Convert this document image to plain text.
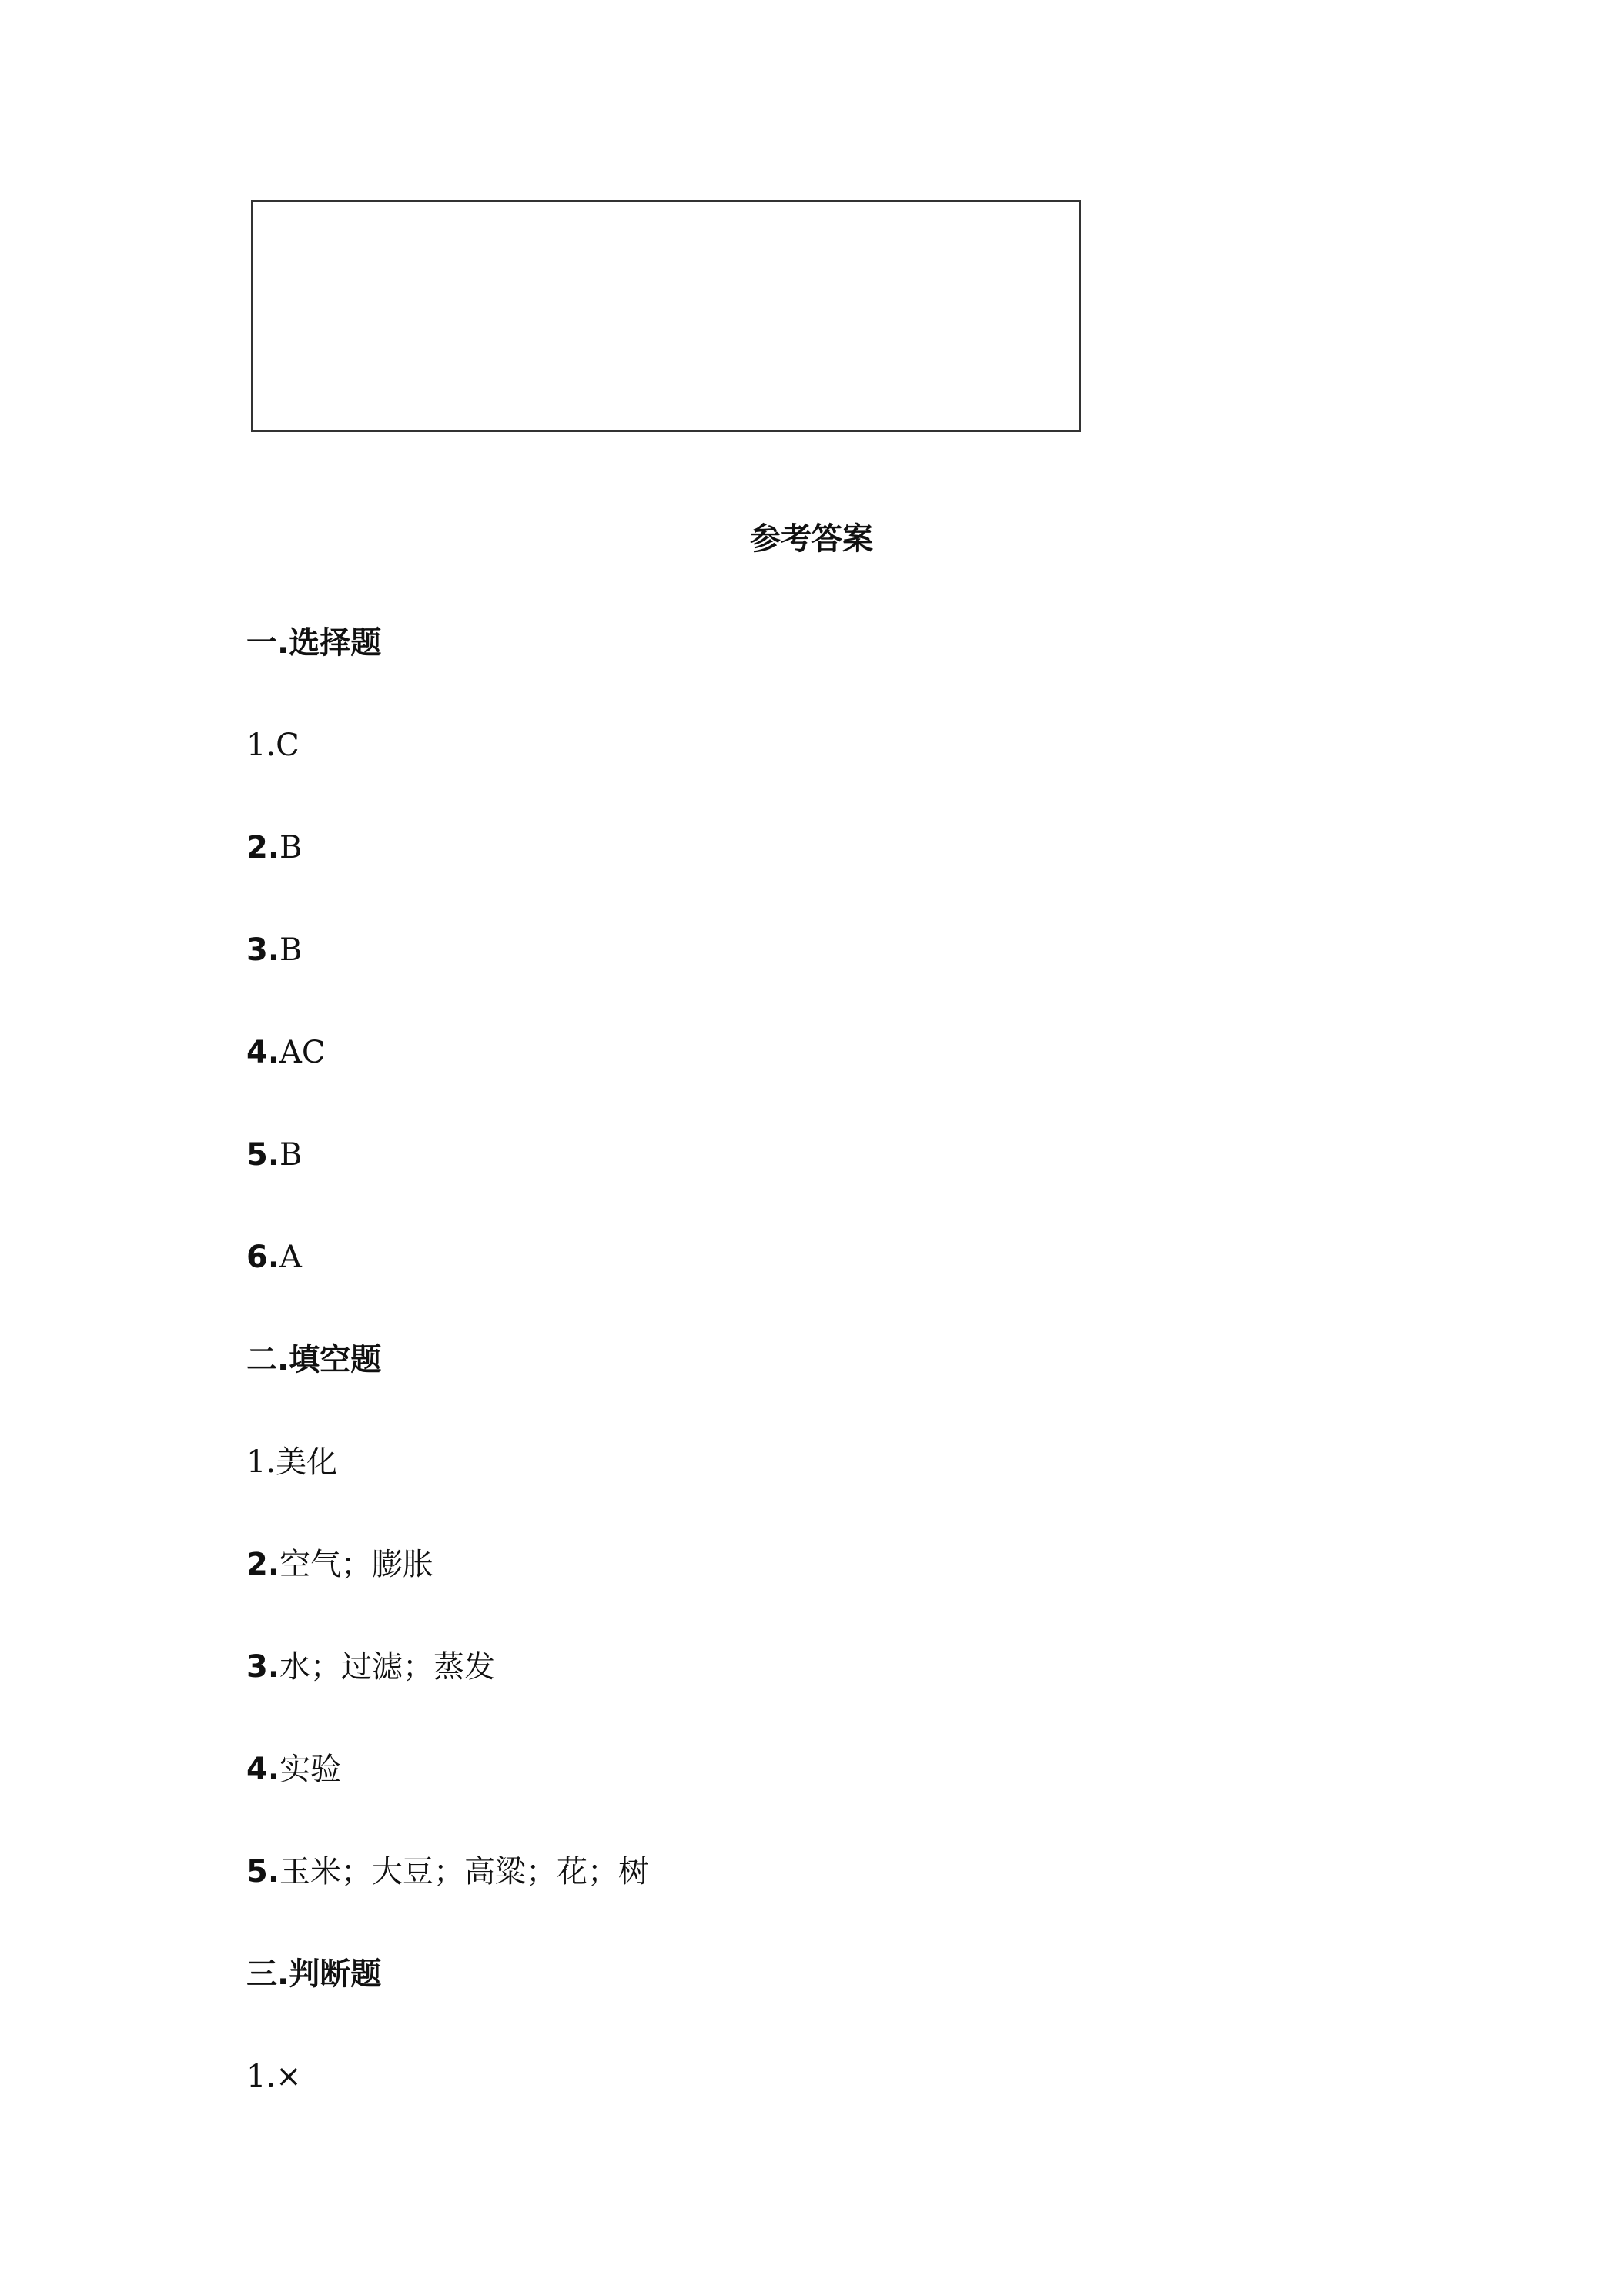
参考答案
一.选择题
1.C
2.B
3.B
4.AC
5.B
6.A
二.填空题
1.美化
2.空气；膨胀
3.水；过滤；蒸发
4.实验
5.玉米；大豆；高粱；花；树
三.判断题
1.×
